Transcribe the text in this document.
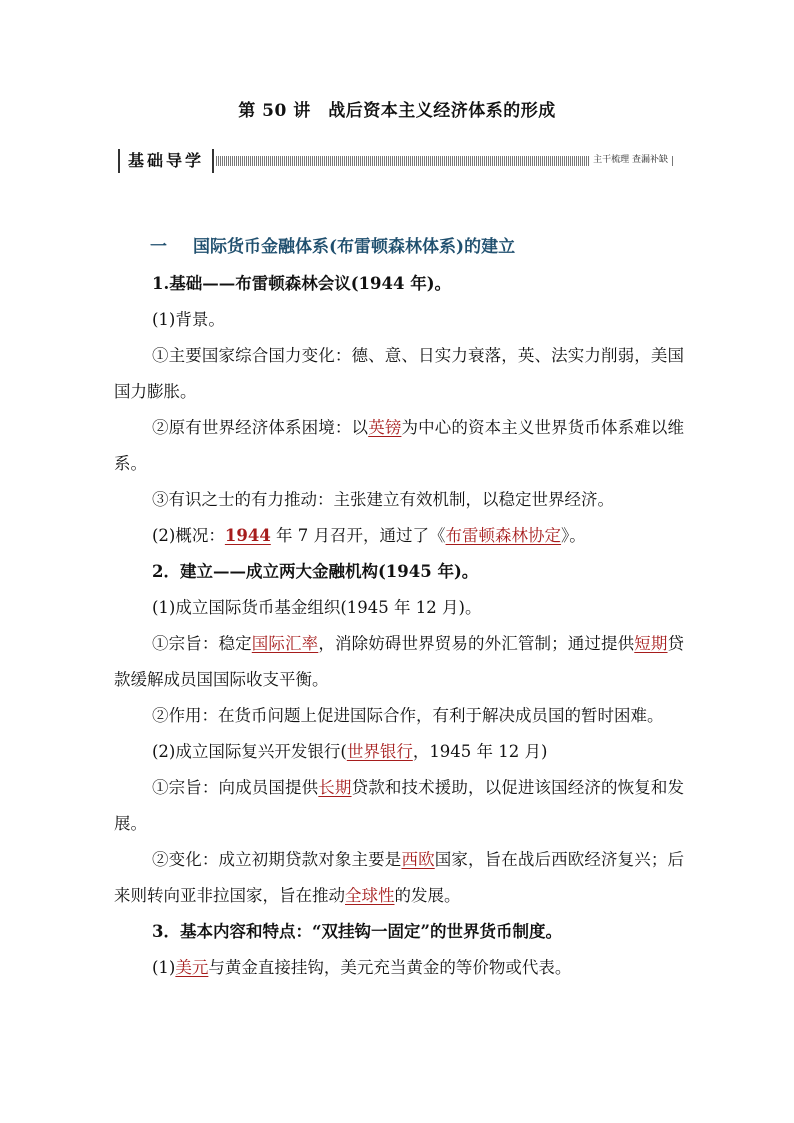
第 50 讲　战后资本主义经济体系的形成
基础导学	主干梳理 查漏补缺
一 国际货币金融体系(布雷顿森林体系)的建立

1.基础——布雷顿森林会议(1944 年)。

(1)背景。

①主要国家综合国力变化：德、意、日实力衰落，英、法实力削弱，美国国力膨胀。

②原有世界经济体系困境：以英镑为中心的资本主义世界货币体系难以维系。

③有识之士的有力推动：主张建立有效机制，以稳定世界经济。

(2)概况：1944 年 7 月召开，通过了《布雷顿森林协定》。

2．建立——成立两大金融机构(1945 年)。

(1)成立国际货币基金组织(1945 年 12 月)。

①宗旨：稳定国际汇率，消除妨碍世界贸易的外汇管制；通过提供短期贷款缓解成员国国际收支平衡。

②作用：在货币问题上促进国际合作，有利于解决成员国的暂时困难。

(2)成立国际复兴开发银行(世界银行，1945 年 12 月)

①宗旨：向成员国提供长期贷款和技术援助，以促进该国经济的恢复和发展。

②变化：成立初期贷款对象主要是西欧国家，旨在战后西欧经济复兴；后来则转向亚非拉国家，旨在推动全球性的发展。

3．基本内容和特点：“双挂钩一固定”的世界货币制度。

(1)美元与黄金直接挂钩，美元充当黄金的等价物或代表。
